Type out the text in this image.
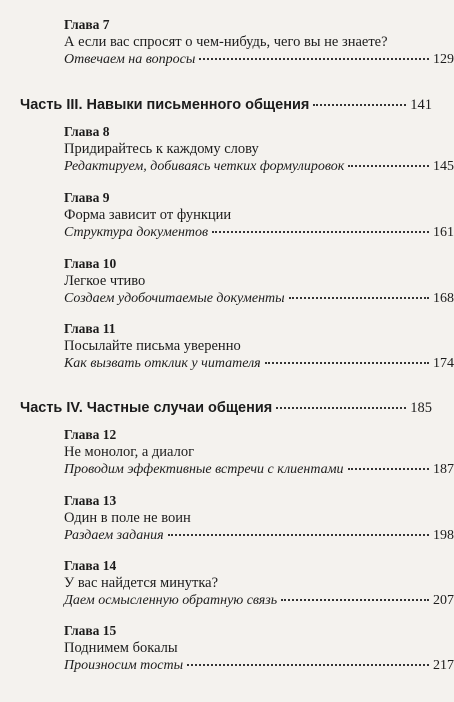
Глава 7
А если вас спросят о чем-нибудь, чего вы не знаете?
Отвечаем на вопросы	129
Часть III. Навыки письменного общения	141
Глава 8
Придирайтесь к каждому слову
Редактируем, добиваясь четких формулировок	145
Глава 9
Форма зависит от функции
Структура документов	161
Глава 10
Легкое чтиво
Создаем удобочитаемые документы	168
Глава 11
Посылайте письма уверенно
Как вызвать отклик у читателя	174
Часть IV. Частные случаи общения	185
Глава 12
Не монолог, а диалог
Проводим эффективные встречи с клиентами	187
Глава 13
Один в поле не воин
Раздаем задания	198
Глава 14
У вас найдется минутка?
Даем осмысленную обратную связь	207
Глава 15
Поднимем бокалы
Произносим тосты	217
